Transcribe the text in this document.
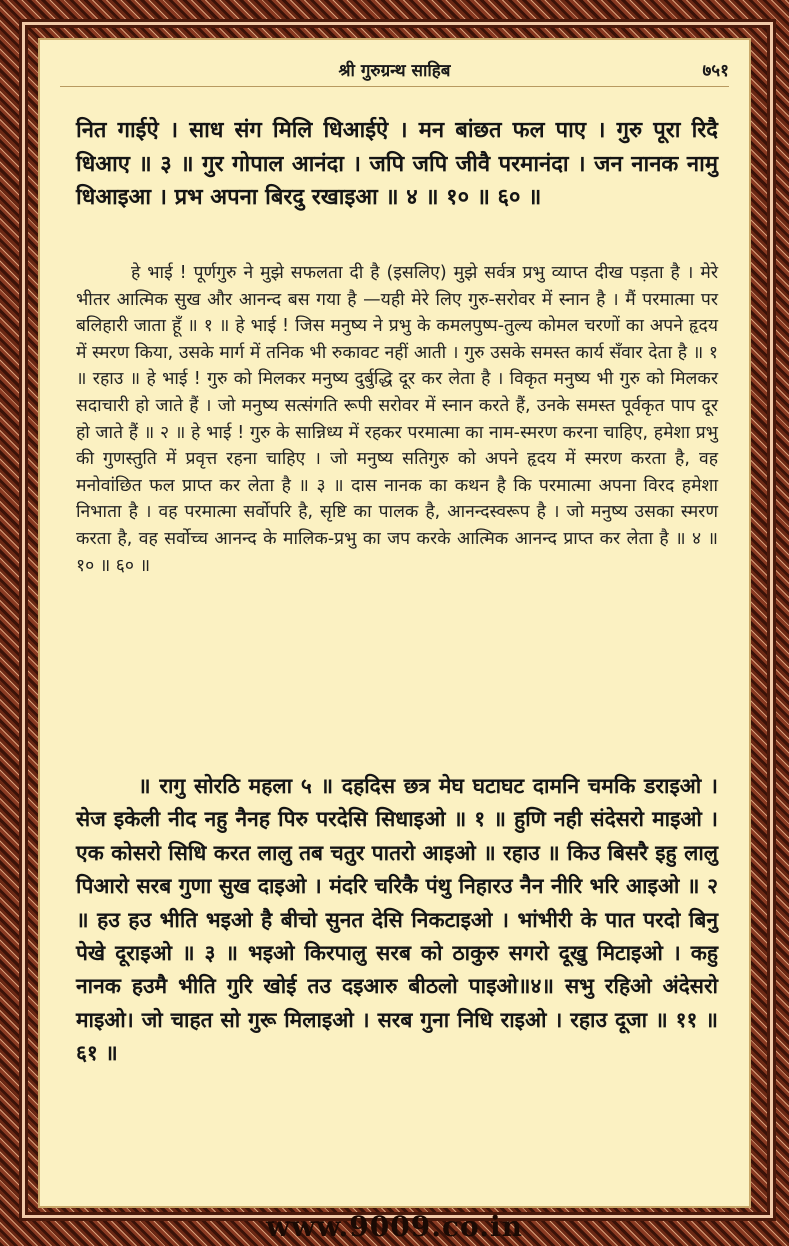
श्री गुरुग्रन्थ साहिब	७५१
नित गाईऐ । साध संग मिलि धिआईऐ । मन बांछत फल पाए । गुरु पूरा रिदै धिआए ॥ ३ ॥ गुर गोपाल आनंदा । जपि जपि जीवै परमानंदा । जन नानक नामु धिआइआ । प्रभ अपना बिरदु रखाइआ ॥ ४ ॥ १० ॥ ६० ॥

हे भाई ! पूर्णगुरु ने मुझे सफलता दी है (इसलिए) मुझे सर्वत्र प्रभु व्याप्त दीख पड़ता है । मेरे भीतर आत्मिक सुख और आनन्द बस गया है —यही मेरे लिए गुरु-सरोवर में स्नान है । मैं परमात्मा पर बलिहारी जाता हूँ ॥ १ ॥ हे भाई ! जिस मनुष्य ने प्रभु के कमलपुष्प-तुल्य कोमल चरणों का अपने हृदय में स्मरण किया, उसके मार्ग में तनिक भी रुकावट नहीं आती । गुरु उसके समस्त कार्य सँवार देता है ॥ १ ॥ रहाउ ॥ हे भाई ! गुरु को मिलकर मनुष्य दुर्बुद्धि दूर कर लेता है । विकृत मनुष्य भी गुरु को मिलकर सदाचारी हो जाते हैं । जो मनुष्य सत्संगति रूपी सरोवर में स्नान करते हैं, उनके समस्त पूर्वकृत पाप दूर हो जाते हैं ॥ २ ॥ हे भाई ! गुरु के सान्निध्य में रहकर परमात्मा का नाम-स्मरण करना चाहिए, हमेशा प्रभु की गुणस्तुति में प्रवृत्त रहना चाहिए । जो मनुष्य सतिगुरु को अपने हृदय में स्मरण करता है, वह मनोवांछित फल प्राप्त कर लेता है ॥ ३ ॥ दास नानक का कथन है कि परमात्मा अपना विरद हमेशा निभाता है । वह परमात्मा सर्वोपरि है, सृष्टि का पालक है, आनन्दस्वरूप है । जो मनुष्य उसका स्मरण करता है, वह सर्वोच्च आनन्द के मालिक-प्रभु का जप करके आत्मिक आनन्द प्राप्त कर लेता है ॥ ४ ॥ १० ॥ ६० ॥

॥ रागु सोरठि महला ५ ॥ दहदिस छत्र मेघ घटाघट दामनि चमकि डराइओ । सेज इकेली नीद नहु नैनह पिरु परदेसि सिधाइओ ॥ १ ॥ हुणि नही संदेसरो माइओ । एक कोसरो सिधि करत लालु तब चतुर पातरो आइओ ॥ रहाउ ॥ किउ बिसरै इहु लालु पिआरो सरब गुणा सुख दाइओ । मंदरि चरिकै पंथु निहारउ नैन नीरि भरि आइओ ॥ २ ॥ हउ हउ भीति भइओ है बीचो सुनत देसि निकटाइओ । भांभीरी के पात परदो बिनु पेखे दूराइओ ॥ ३ ॥ भइओ किरपालु सरब को ठाकुरु सगरो दूखु मिटाइओ । कहु नानक हउमै भीति गुरि खोई तउ दइआरु बीठलो पाइओ॥४॥ सभु रहिओ अंदेसरो माइओ। जो चाहत सो गुरू मिलाइओ । सरब गुना निधि राइओ । रहाउ दूजा ॥ ११ ॥ ६१ ॥

www.9009.co.in
